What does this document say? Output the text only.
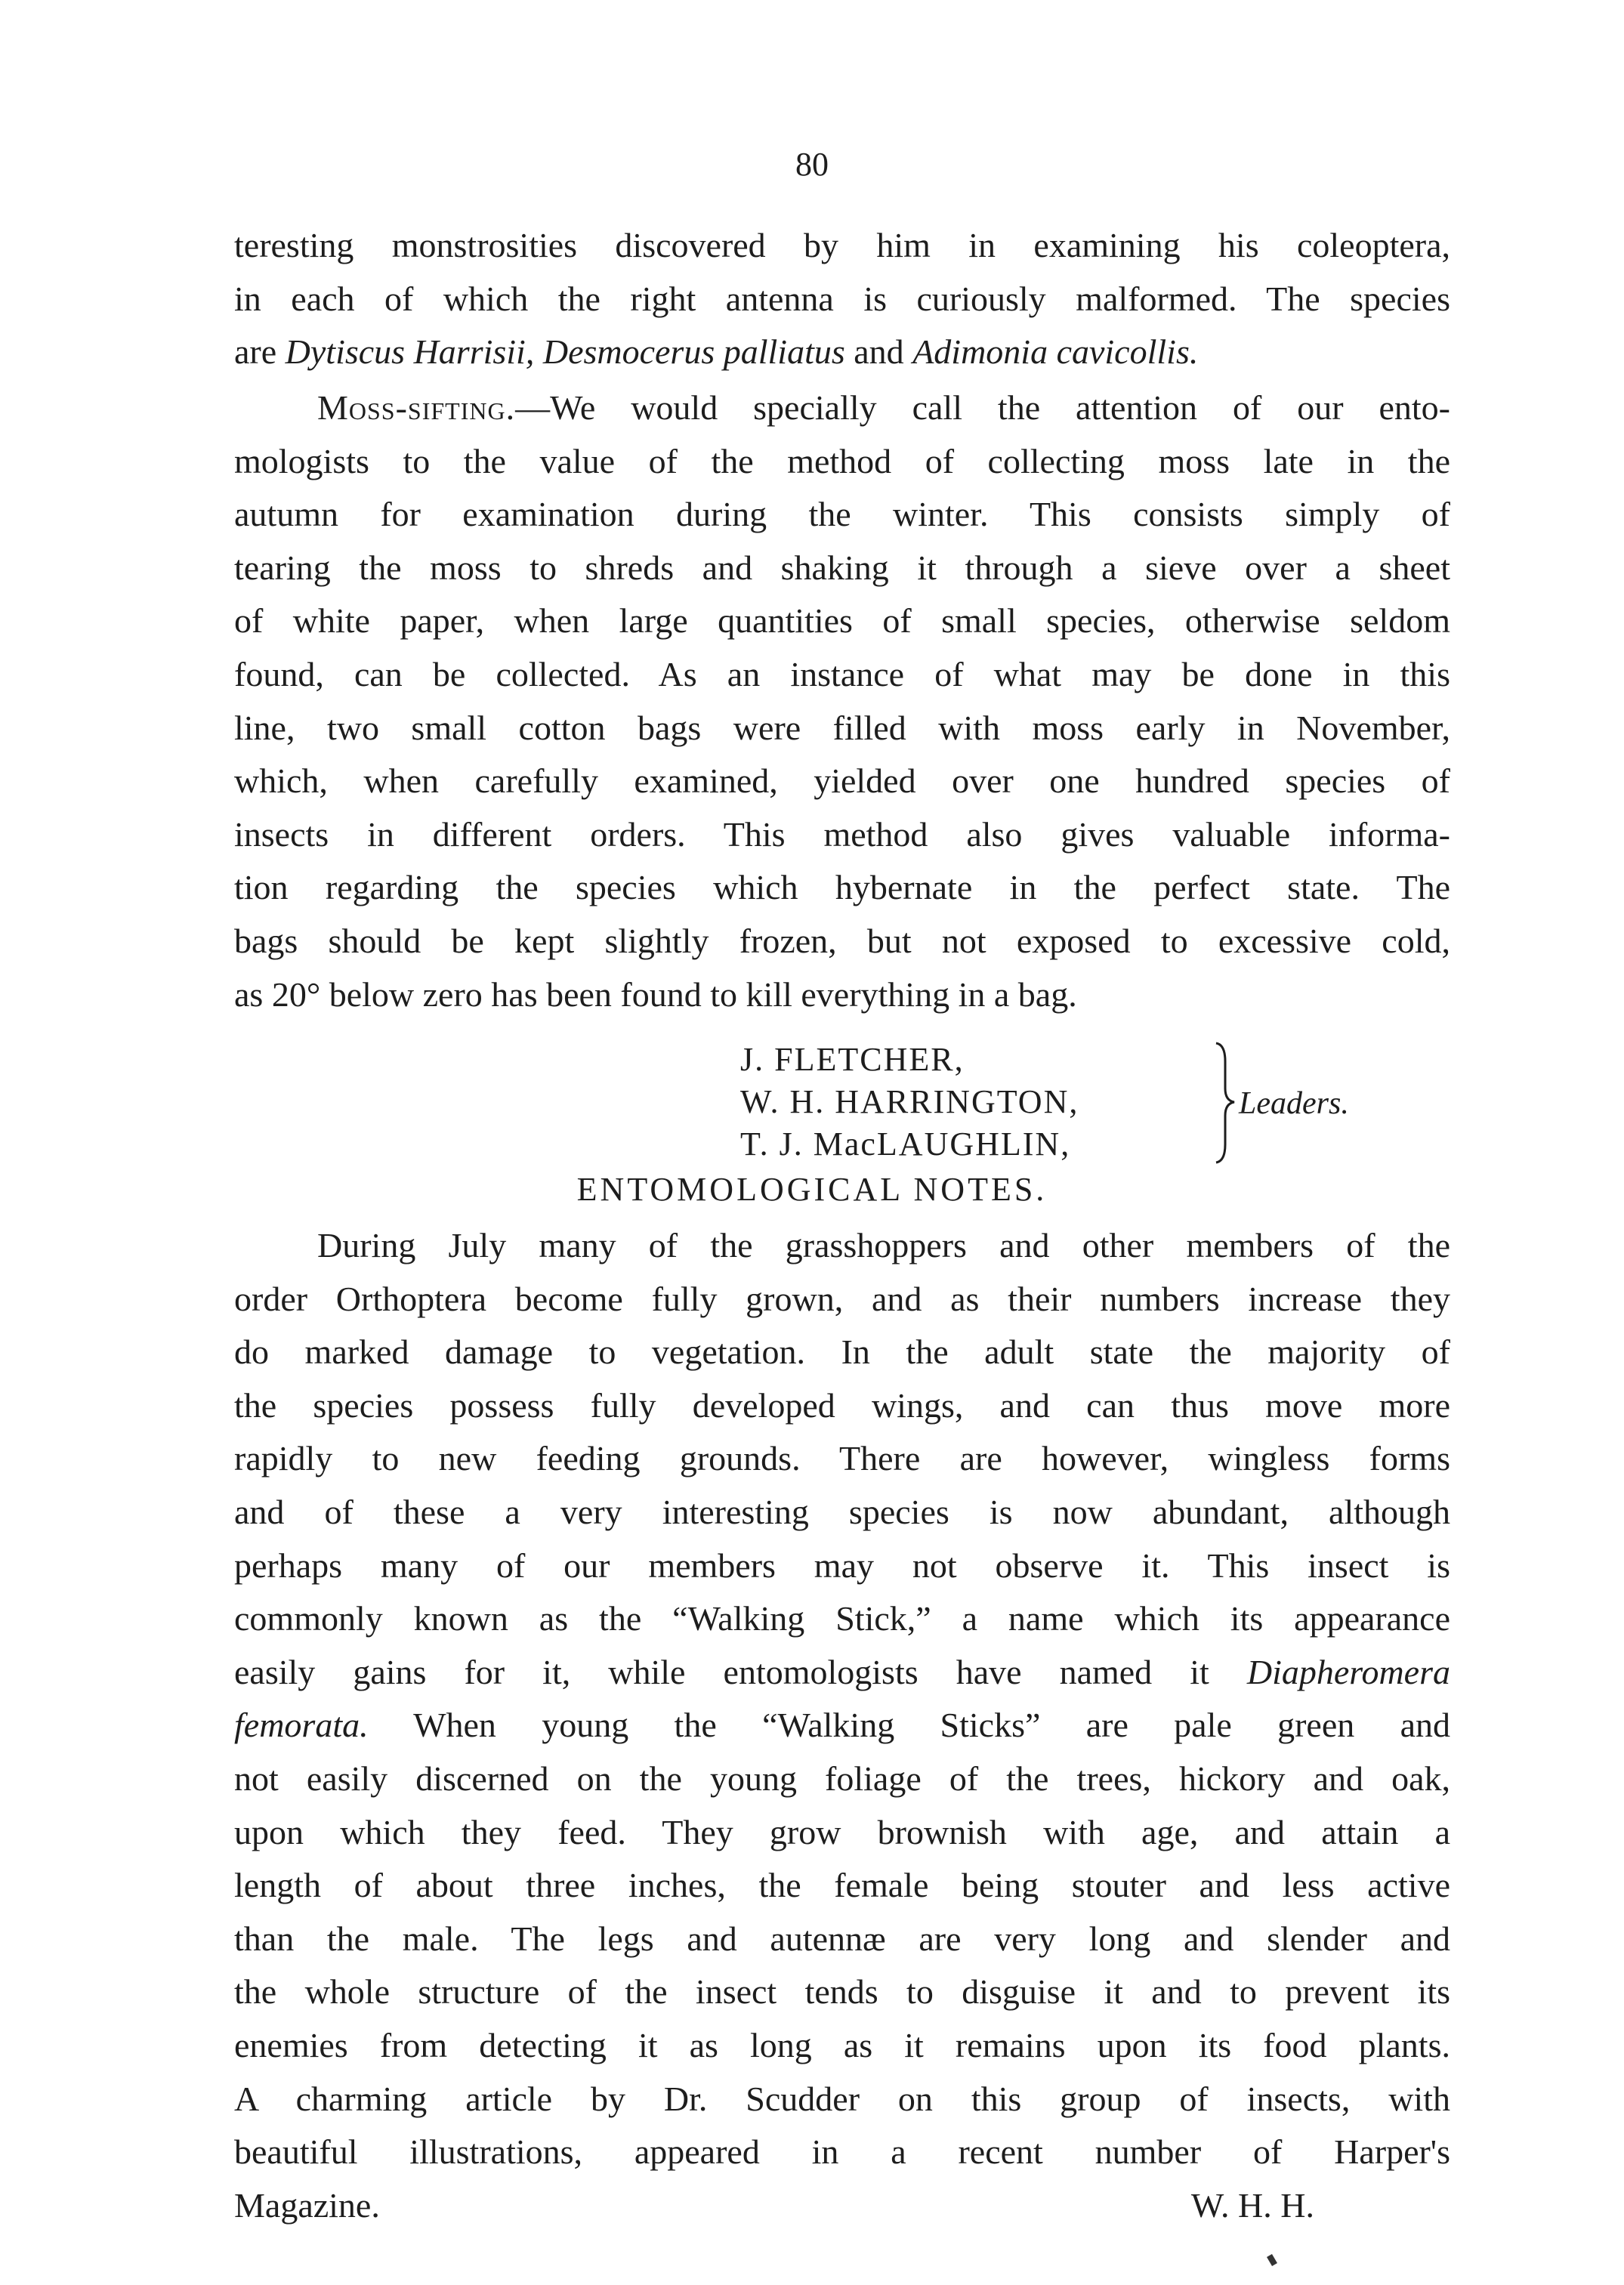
80
teresting monstrosities discovered by him in examining his coleoptera,
in each of which the right antenna is curiously malformed. The species
are Dytiscus Harrisii, Desmocerus palliatus and Adimonia cavicollis.
Moss-sifting.—We would specially call the attention of our ento-
mologists to the value of the method of collecting moss late in the
autumn for examination during the winter. This consists simply of
tearing the moss to shreds and shaking it through a sieve over a sheet
of white paper, when large quantities of small species, otherwise seldom
found, can be collected. As an instance of what may be done in this
line, two small cotton bags were filled with moss early in November,
which, when carefully examined, yielded over one hundred species of
insects in different orders. This method also gives valuable informa-
tion regarding the species which hybernate in the perfect state. The
bags should be kept slightly frozen, but not exposed to excessive cold,
as 20° below zero has been found to kill everything in a bag.
J. FLETCHER,
W. H. HARRINGTON,
T. J. MacLAUGHLIN,
Leaders.
ENTOMOLOGICAL NOTES.
During July many of the grasshoppers and other members of the
order Orthoptera become fully grown, and as their numbers increase they
do marked damage to vegetation. In the adult state the majority of
the species possess fully developed wings, and can thus move more
rapidly to new feeding grounds. There are however, wingless forms
and of these a very interesting species is now abundant, although
perhaps many of our members may not observe it. This insect is
commonly known as the “Walking Stick,” a name which its appearance
easily gains for it, while entomologists have named it Diapheromera
femorata. When young the “Walking Sticks” are pale green and
not easily discerned on the young foliage of the trees, hickory and oak,
upon which they feed. They grow brownish with age, and attain a
length of about three inches, the female being stouter and less active
than the male. The legs and autennæ are very long and slender and
the whole structure of the insect tends to disguise it and to prevent its
enemies from detecting it as long as it remains upon its food plants.
A charming article by Dr. Scudder on this group of insects, with
beautiful illustrations, appeared in a recent number of Harper's
Magazine.	W. H. H.
